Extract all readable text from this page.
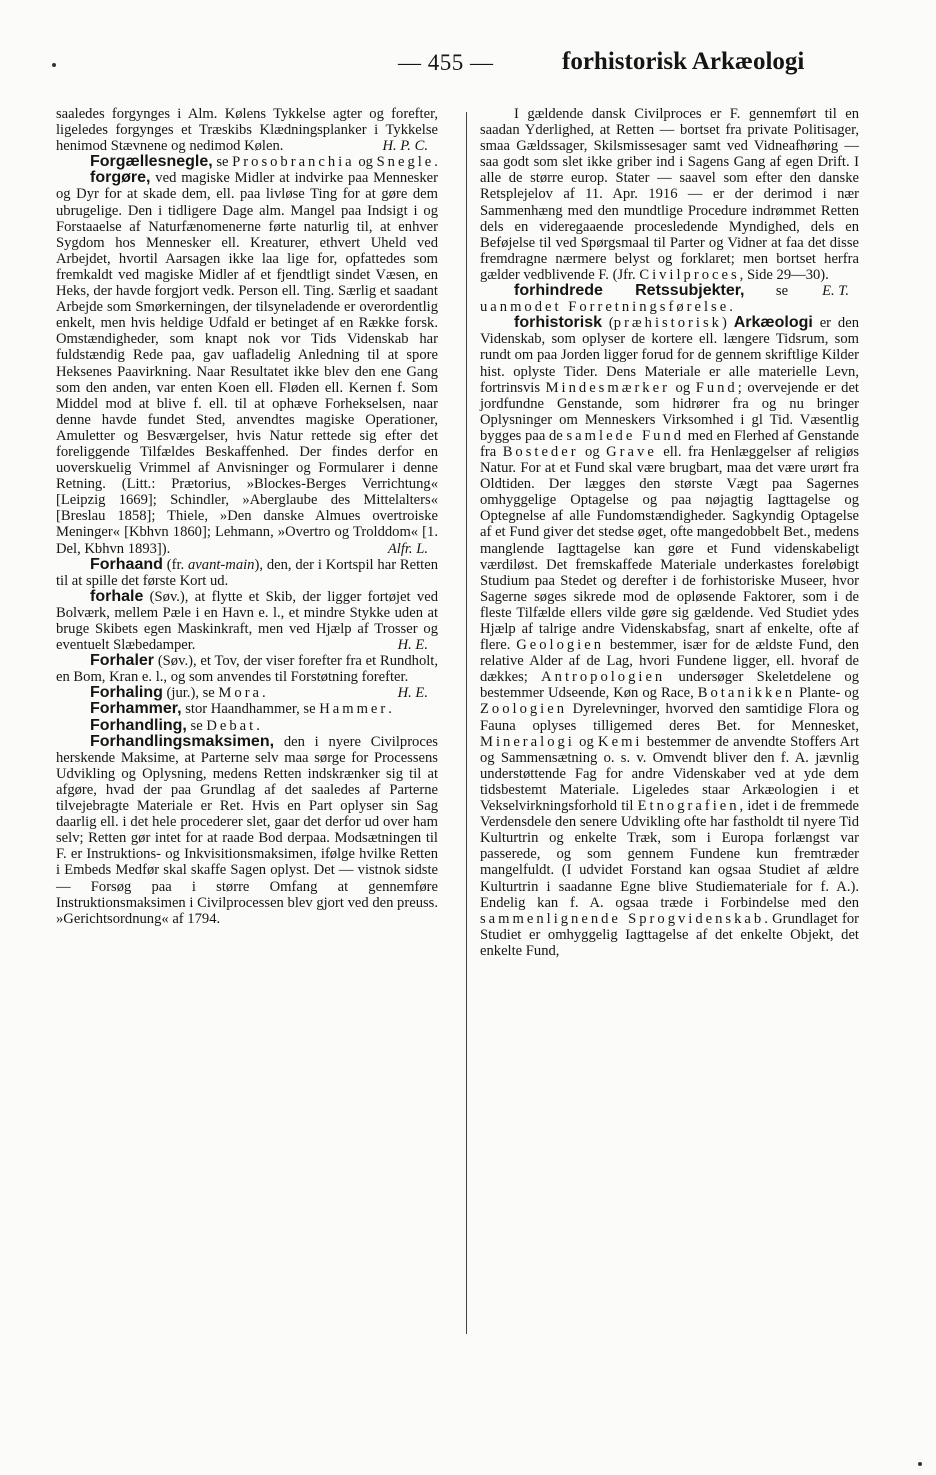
— 455 —	forhistorisk Arkæologi

saaledes forgynges i Alm. Kølens Tykkelse agter og forefter, ligeledes forgynges et Træskibs Klædningsplanker i Tykkelse henimod Stævnene og nedimod Kølen.	H. P. C.

Forgællesnegle, se Prosobranchia og Snegle.

forgøre, ved magiske Midler at indvirke paa Mennesker og Dyr for at skade dem, ell. paa livløse Ting for at gøre dem ubrugelige. Den i tidligere Dage alm. Mangel paa Indsigt i og Forstaaelse af Naturfænomenerne førte naturlig til, at enhver Sygdom hos Mennesker ell. Kreaturer, ethvert Uheld ved Arbejdet, hvortil Aarsagen ikke laa lige for, opfattedes som fremkaldt ved magiske Midler af et fjendtligt sindet Væsen, en Heks, der havde forgjort vedk. Person ell. Ting. Særlig et saadant Arbejde som Smørkerningen, der tilsyneladende er overordentlig enkelt, men hvis heldige Udfald er betinget af en Række forsk. Omstændigheder, som knapt nok vor Tids Videnskab har fuldstændig Rede paa, gav uafladelig Anledning til at spore Heksenes Paavirkning. Naar Resultatet ikke blev den ene Gang som den anden, var enten Koen ell. Fløden ell. Kernen f. Som Middel mod at blive f. ell. til at ophæve Forhekselsen, naar denne havde fundet Sted, anvendtes magiske Operationer, Amuletter og Besværgelser, hvis Natur rettede sig efter det foreliggende Tilfældes Beskaffenhed. Der findes derfor en uoverskuelig Vrimmel af Anvisninger og Formularer i denne Retning. (Litt.: Prætorius, »Blockes-Berges Verrichtung« [Leipzig 1669]; Schindler, »Aberglaube des Mittelalters« [Breslau 1858]; Thiele, »Den danske Almues overtroiske Meninger« [Kbhvn 1860]; Lehmann, »Overtro og Trolddom« [1. Del, Kbhvn 1893]).	Alfr. L.

Forhaand (fr. avant-main), den, der i Kortspil har Retten til at spille det første Kort ud.

forhale (Søv.), at flytte et Skib, der ligger fortøjet ved Bolværk, mellem Pæle i en Havn e. l., et mindre Stykke uden at bruge Skibets egen Maskinkraft, men ved Hjælp af Trosser og eventuelt Slæbedamper.	H. E.

Forhaler (Søv.), et Tov, der viser forefter fra et Rundholt, en Bom, Kran e. l., og som anvendes til Forstøtning forefter.
H. E.

Forhaling (jur.), se Mora.

Forhammer, stor Haandhammer, se Hammer.

Forhandling, se Debat.

Forhandlingsmaksimen, den i nyere Civilproces herskende Maksime, at Parterne selv maa sørge for Processens Udvikling og Oplysning, medens Retten indskrænker sig til at afgøre, hvad der paa Grundlag af det saaledes af Parterne tilvejebragte Materiale er Ret. Hvis en Part oplyser sin Sag daarlig ell. i det hele procederer slet, gaar det derfor ud over ham selv; Retten gør intet for at raade Bod derpaa. Modsætningen til F. er Instruktions- og Inkvisitionsmaksimen, ifølge hvilke Retten i Embeds Medfør skal skaffe Sagen oplyst. Det — vistnok sidste — Forsøg paa i større Omfang at gennemføre Instruktionsmaksimen i Civilprocessen blev gjort ved den preuss. »Gerichtsordnung« af 1794.

I gældende dansk Civilproces er F. gennemført til en saadan Yderlighed, at Retten — bortset fra private Politisager, smaa Gældssager, Skilsmissesager samt ved Vidneafhøring — saa godt som slet ikke griber ind i Sagens Gang af egen Drift. I alle de større europ. Stater — saavel som efter den danske Retsplejelov af 11. Apr. 1916 — er der derimod i nær Sammenhæng med den mundtlige Procedure indrømmet Retten dels en videregaaende procesledende Myndighed, dels en Beføjelse til ved Spørgsmaal til Parter og Vidner at faa det disse fremdragne nærmere belyst og forklaret; men bortset herfra gælder vedblivende F. (Jfr. Civilproces, Side 29—30).
E. T.

forhindrede Retssubjekter, se uanmodet Forretningsførelse.

forhistorisk (præhistorisk) Arkæologi er den Videnskab, som oplyser de kortere ell. længere Tidsrum, som rundt om paa Jorden ligger forud for de gennem skriftlige Kilder hist. oplyste Tider. Dens Materiale er alle materielle Levn, fortrinsvis Mindesmærker og Fund; overvejende er det jordfundne Genstande, som hidrører fra og nu bringer Oplysninger om Menneskers Virksomhed i gl Tid. Væsentlig bygges paa de samlede Fund med en Flerhed af Genstande fra Bosteder og Grave ell. fra Henlæggelser af religiøs Natur. For at et Fund skal være brugbart, maa det være urørt fra Oldtiden. Der lægges den største Vægt paa Sagernes omhyggelige Optagelse og paa nøjagtig Iagttagelse og Optegnelse af alle Fundomstændigheder. Sagkyndig Optagelse af et Fund giver det stedse øget, ofte mangedobbelt Bet., medens manglende Iagttagelse kan gøre et Fund videnskabeligt værdiløst. Det fremskaffede Materiale underkastes foreløbigt Studium paa Stedet og derefter i de forhistoriske Museer, hvor Sagerne søges sikrede mod de opløsende Faktorer, som i de fleste Tilfælde ellers vilde gøre sig gældende. Ved Studiet ydes Hjælp af talrige andre Videnskabsfag, snart af enkelte, ofte af flere. Geologien bestemmer, især for de ældste Fund, den relative Alder af de Lag, hvori Fundene ligger, ell. hvoraf de dækkes; Antropologien undersøger Skeletdelene og bestemmer Udseende, Køn og Race, Botanikken Plante- og Zoologien Dyrelevninger, hvorved den samtidige Flora og Fauna oplyses tilligemed deres Bet. for Mennesket, Mineralogi og Kemi bestemmer de anvendte Stoffers Art og Sammensætning o. s. v. Omvendt bliver den f. A. jævnlig understøttende Fag for andre Videnskaber ved at yde dem tidsbestemt Materiale. Ligeledes staar Arkæologien i et Vekselvirkningsforhold til Etnografien, idet i de fremmede Verdensdele den senere Udvikling ofte har fastholdt til nyere Tid Kulturtrin og enkelte Træk, som i Europa forlængst var passerede, og som gennem Fundene kun fremtræder mangelfuldt. (I udvidet Forstand kan ogsaa Studiet af ældre Kulturtrin i saadanne Egne blive Studiemateriale for f. A.). Endelig kan f. A. ogsaa træde i Forbindelse med den sammenlignende Sprogvidenskab. Grundlaget for Studiet er omhyggelig Iagttagelse af det enkelte Objekt, det enkelte Fund,
